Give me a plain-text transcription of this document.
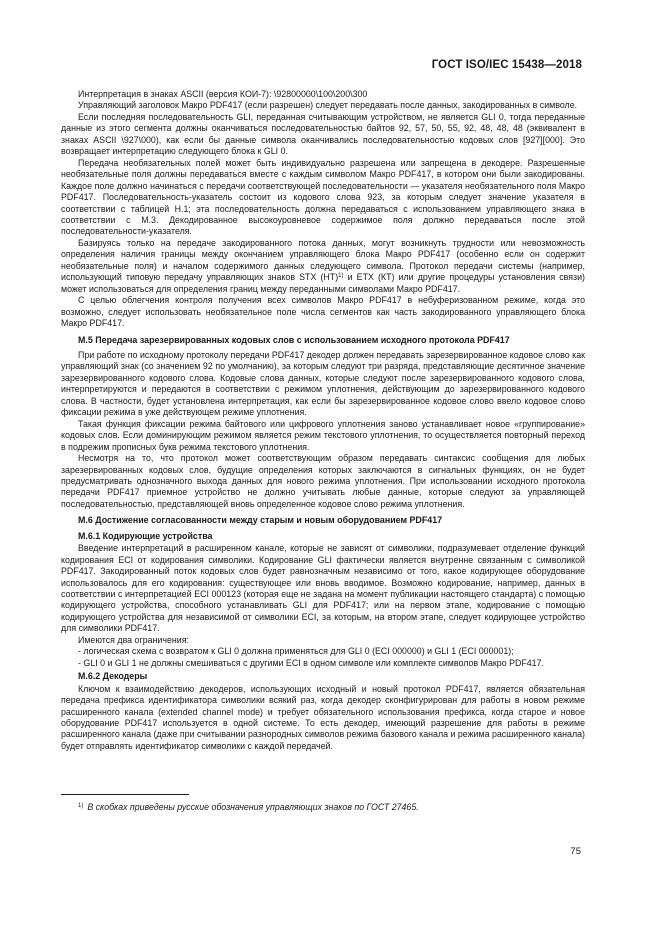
ГОСТ ISO/IEC 15438—2018

Интерпретация в знаках ASCII (версия КОИ-7): \92800000\100\200\300

Управляющий заголовок Макро PDF417 (если разрешен) следует передавать после данных, закодированных в символе.

Если последняя последовательность GLI, переданная считывающим устройством, не является GLI 0, тогда переданные данные из этого сегмента должны оканчиваться последовательностью байтов 92, 57, 50, 55, 92, 48, 48, 48 (эквивалент в знаках ASCII \927\000), как если бы данные символа оканчивались последовательностью кодовых слов [927][000]. Это возвращает интерпретацию следующего блока к GLI 0.

Передача необязательных полей может быть индивидуально разрешена или запрещена в декодере. Разрешенные необязательные поля должны передаваться вместе с каждым символом Макро PDF417, в котором они были закодированы. Каждое поле должно начинаться с передачи соответствующей последовательности — указателя необязательного поля Макро PDF417. Последовательность-указатель состоит из кодового слова 923, за которым следует значение указателя в соответствии с таблицей Н.1; эта последовательность должна передаваться с использованием управляющего знака в соответствии с М.3. Декодированное высокоуровневое содержимое поля должно передаваться после этой последовательности-указателя.

Базируясь только на передаче закодированного потока данных, могут возникнуть трудности или невозможность определения наличия границы между окончанием управляющего блока Макро PDF417 (особенно если он содержит необязательные поля) и началом содержимого данных следующего символа. Протокол передачи системы (например, использующий типовую передачу управляющих знаков STX (НТ)$^{1)}$ и ETX (КТ) или другие процедуры установления связи) может использоваться для определения границ между переданными символами Макро PDF417.

С целью облегчения контроля получения всех символов Макро PDF417 в небуферизованном режиме, когда это возможно, следует использовать необязательное поле числа сегментов как часть закодированного управляющего блока Макро PDF417.

М.5 Передача зарезервированных кодовых слов с использованием исходного протокола PDF417

При работе по исходному протоколу передачи PDF417 декодер должен передавать зарезервированное кодовое слово как управляющий знак (со значением 92 по умолчанию), за которым следуют три разряда, представляющие десятичное значение зарезервированного кодового слова. Кодовые слова данных, которые следуют после зарезервированного кодового слова, интерпретируются и передаются в соответствии с режимом уплотнения, действующим до зарезервированного кодового слова. В частности, будет установлена интерпретация, как если бы зарезервированное кодовое слово ввело кодовое слово фиксации режима в уже действующем режиме уплотнения.

Такая функция фиксации режима байтового или цифрового уплотнения заново устанавливает новое «группирование» кодовых слов. Если доминирующим режимом является режим текстового уплотнения, то осуществляется повторный переход в подрежим прописных букв режима текстового уплотнения.

Несмотря на то, что протокол может соответствующим образом передавать синтаксис сообщения для любых зарезервированных кодовых слов, будущие определения которых заключаются в сигнальных функциях, он не будет предусматривать однозначного выхода данных для нового режима уплотнения. При использовании исходного протокола передачи PDF417 приемное устройство не должно учитывать любые данные, которые следуют за управляющей последовательностью, представляющей вновь определенное кодовое слово режима уплотнения.

М.6 Достижение согласованности между старым и новым оборудованием PDF417
М.6.1 Кодирующие устройства

Введение интерпретаций в расширенном канале, которые не зависят от символики, подразумевает отделение функций кодирования ECI от кодирования символики. Кодирование GLI фактически является внутренне связанным с символикой PDF417. Закодированный поток кодовых слов будет равнозначным независимо от того, какое кодирующее оборудование использовалось для его кодирования: существующее или вновь вводимое. Возможно кодирование, например, данных в соответствии с интерпретацией ECI 000123 (которая еще не задана на момент публикации настоящего стандарта) с помощью кодирующего устройства, способного устанавливать GLI для PDF417; или на первом этапе, кодирование с помощью кодирующего устройства для независимой от символики ECI, за которым, на втором этапе, следует кодирующее устройство для символики PDF417.

Имеются два ограничения:

- логическая схема с возвратом к GLI 0 должна применяться для GLI 0 (ECI 000000) и GLI 1 (ECI 000001);
- GLI 0 и GLI 1 не должны смешиваться с другими ECI в одном символе или комплекте символов Макро PDF417.
М.6.2 Декодеры

Ключом к взаимодействию декодеров, использующих исходный и новый протокол PDF417, является обязательная передача префикса идентификатора символики всякий раз, когда декодер сконфигурирован для работы в новом режиме расширенного канала (extended channel mode) и требует обязательного использования префикса, когда старое и новое оборудование PDF417 используется в одной системе. То есть декодер, имеющий разрешение для работы в режиме расширенного канала (даже при считывании разнородных символов режима базового канала и режима расширенного канала) будет отправлять идентификатор символики с каждой передачей.

$^{1)}$ В скобках приведены русские обозначения управляющих знаков по ГОСТ 27465.
75
